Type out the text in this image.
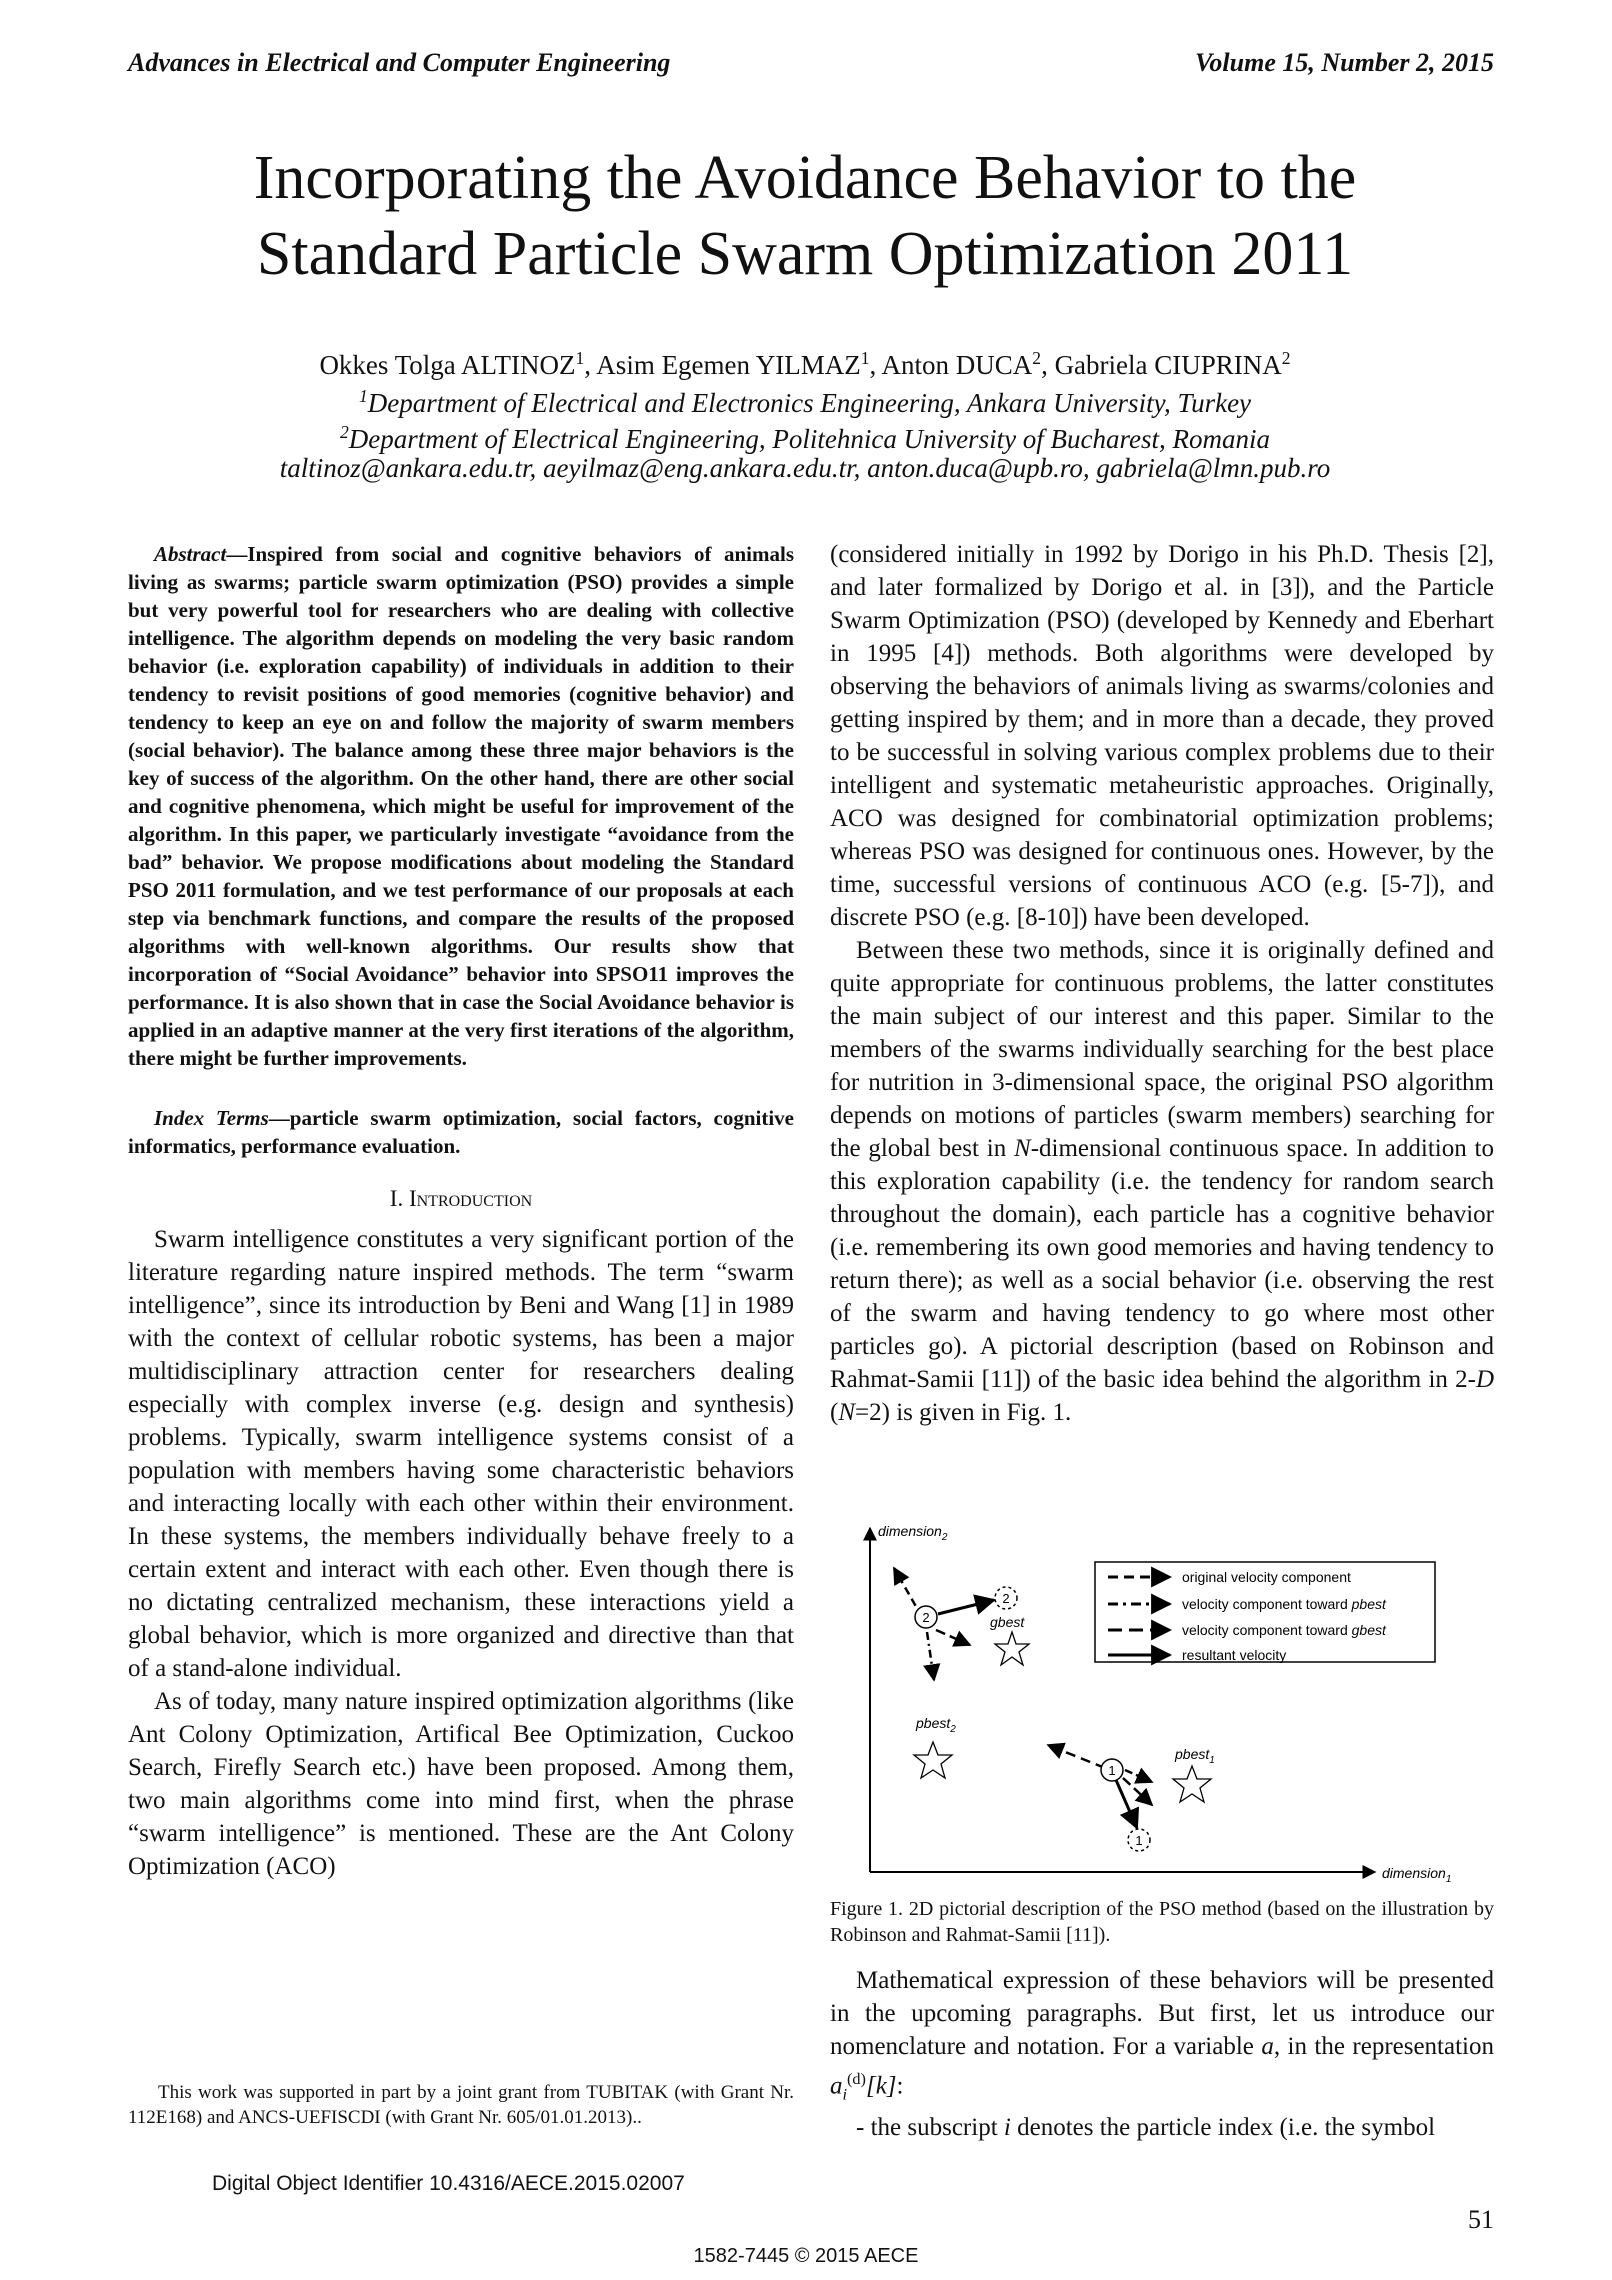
Advances in Electrical and Computer Engineering	Volume 15, Number 2, 2015
Incorporating the Avoidance Behavior to the
Standard Particle Swarm Optimization 2011
Okkes Tolga ALTINOZ$^1$, Asim Egemen YILMAZ$^1$, Anton DUCA$^2$, Gabriela CIUPRINA$^2$
$^1$Department of Electrical and Electronics Engineering, Ankara University, Turkey
$^2$Department of Electrical Engineering, Politehnica University of Bucharest, Romania
taltinoz@ankara.edu.tr, aeyilmaz@eng.ankara.edu.tr, anton.duca@upb.ro, gabriela@lmn.pub.ro

Abstract—Inspired from social and cognitive behaviors of animals living as swarms; particle swarm optimization (PSO) provides a simple but very powerful tool for researchers who are dealing with collective intelligence. The algorithm depends on modeling the very basic random behavior (i.e. exploration capability) of individuals in addition to their tendency to revisit positions of good memories (cognitive behavior) and tendency to keep an eye on and follow the majority of swarm members (social behavior). The balance among these three major behaviors is the key of success of the algorithm. On the other hand, there are other social and cognitive phenomena, which might be useful for improvement of the algorithm. In this paper, we particularly investigate “avoidance from the bad” behavior. We propose modifications about modeling the Standard PSO 2011 formulation, and we test performance of our proposals at each step via benchmark functions, and compare the results of the proposed algorithms with well-known algorithms. Our results show that incorporation of “Social Avoidance” behavior into SPSO11 improves the performance. It is also shown that in case the Social Avoidance behavior is applied in an adaptive manner at the very first iterations of the algorithm, there might be further improvements.

Index Terms—particle swarm optimization, social factors, cognitive informatics, performance evaluation.

I. Introduction

Swarm intelligence constitutes a very significant portion of the literature regarding nature inspired methods. The term “swarm intelligence”, since its introduction by Beni and Wang [1] in 1989 with the context of cellular robotic systems, has been a major multidisciplinary attraction center for researchers dealing especially with complex inverse (e.g. design and synthesis) problems. Typically, swarm intelligence systems consist of a population with members having some characteristic behaviors and interacting locally with each other within their environment. In these systems, the members individually behave freely to a certain extent and interact with each other. Even though there is no dictating centralized mechanism, these interactions yield a global behavior, which is more organized and directive than that of a stand-alone individual.

As of today, many nature inspired optimization algorithms (like Ant Colony Optimization, Artifical Bee Optimization, Cuckoo Search, Firefly Search etc.) have been proposed. Among them, two main algorithms come into mind first, when the phrase “swarm intelligence” is mentioned. These are the Ant Colony Optimization (ACO)

(considered initially in 1992 by Dorigo in his Ph.D. Thesis [2], and later formalized by Dorigo et al. in [3]), and the Particle Swarm Optimization (PSO) (developed by Kennedy and Eberhart in 1995 [4]) methods. Both algorithms were developed by observing the behaviors of animals living as swarms/colonies and getting inspired by them; and in more than a decade, they proved to be successful in solving various complex problems due to their intelligent and systematic metaheuristic approaches. Originally, ACO was designed for combinatorial optimization problems; whereas PSO was designed for continuous ones. However, by the time, successful versions of continuous ACO (e.g. [5-7]), and discrete PSO (e.g. [8-10]) have been developed.

Between these two methods, since it is originally defined and quite appropriate for continuous problems, the latter constitutes the main subject of our interest and this paper. Similar to the members of the swarms individually searching for the best place for nutrition in 3-dimensional space, the original PSO algorithm depends on motions of particles (swarm members) searching for the global best in N-dimensional continuous space. In addition to this exploration capability (i.e. the tendency for random search throughout the domain), each particle has a cognitive behavior (i.e. remembering its own good memories and having tendency to return there); as well as a social behavior (i.e. observing the rest of the swarm and having tendency to go where most other particles go). A pictorial description (based on Robinson and Rahmat-Samii [11]) of the basic idea behind the algorithm in 2-D (N=2) is given in Fig. 1.

dimension$_2$
dimension$_1$
original velocity component
velocity component toward pbest
velocity component toward gbest
resultant velocity
2
2
gbest
pbest$_2$
1
1
pbest$_1$
Figure 1. 2D pictorial description of the PSO method (based on the illustration by Robinson and Rahmat-Samii [11]).

Mathematical expression of these behaviors will be presented in the upcoming paragraphs. But first, let us introduce our nomenclature and notation. For a variable a, in the representation $a_i^{(d)}[k]$:

- the subscript i denotes the particle index (i.e. the symbol

This work was supported in part by a joint grant from TUBITAK (with Grant Nr. 112E168) and ANCS-UEFISCDI (with Grant Nr. 605/01.01.2013)..
Digital Object Identifier 10.4316/AECE.2015.02007
51
1582-7445 © 2015 AECE
